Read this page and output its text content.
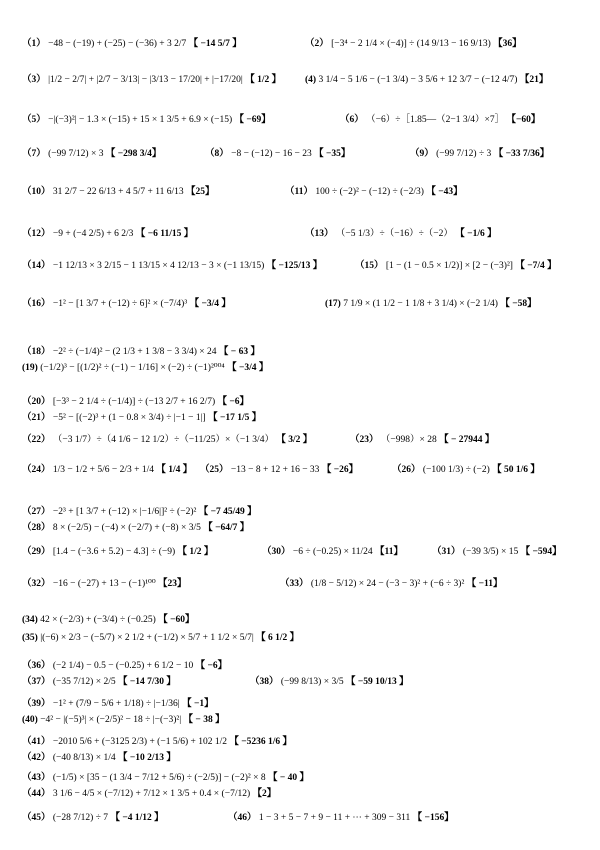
（1） −48 − (−19) + (−25) − (−36) + 3 2/7 【 −14 5/7 】	（2） [−3⁴ − 2 1/4 × (−4)] ÷ (14 9/13 − 16 9/13) 【36】
（3） |1/2 − 2/7| + |2/7 − 3/13| − |3/13 − 17/20| + |−17/20| 【 1/2 】	(4) 3 1/4 − 5 1/6 − (−1 3/4) − 3 5/6 + 12 3/7 − (−12 4/7) 【21】
（5） −|(−3)²| − 1.3 × (−15) + 15 × 1 3/5 + 6.9 × (−15) 【 −69】	（6） （−6）÷［1.85—（2−1 3/4）×7］ 【−60】
（7） (−99 7/12) × 3 【 −298 3/4】	（8） −8 − (−12) − 16 − 23 【 −35】	（9） (−99 7/12) ÷ 3 【 −33 7/36】
（10） 31 2/7 − 22 6/13 + 4 5/7 + 11 6/13 【25】	（11） 100 ÷ (−2)² − (−12) ÷ (−2/3) 【 −43】
（12） −9 + (−4 2/5) + 6 2/3 【 −6 11/15 】	（13） （−5 1/3）÷（−16）÷（−2） 【 −1/6 】
（14） −1 12/13 × 3 2/15 − 1 13/15 × 4 12/13 − 3 × (−1 13/15) 【 −125/13 】	（15） [1 − (1 − 0.5 × 1/2)] × [2 − (−3)²] 【 −7/4 】
（16） −1² − [1 3/7 + (−12) ÷ 6]² × (−7/4)³ 【 −3/4 】	(17) 7 1/9 × (1 1/2 − 1 1/8 + 3 1/4) × (−2 1/4) 【 −58】
（18） −2² ÷ (−1/4)² − (2 1/3 + 1 3/8 − 3 3/4) × 24 【 − 63 】
(19) (−1/2)³ − [(1/2)² ÷ (−1) − 1/16] × (−2) ÷ (−1)²⁰⁰⁴ 【 −3/4 】
（20） [−3³ − 2 1/4 ÷ (−1/4)] ÷ (−13 2/7 + 16 2/7) 【 −6】
（21） −5² − [(−2)³ + (1 − 0.8 × 3/4) ÷ |−1 − 1|] 【 −17 1/5 】
（22） （−3 1/7）÷（4 1/6 − 12 1/2）÷（−11/25）×（−1 3/4） 【 3/2 】	（23） （−998）× 28 【 − 27944 】
（24） 1/3 − 1/2 + 5/6 − 2/3 + 1/4 【 1/4 】 （25） −13 − 8 + 12 + 16 − 33 【 −26】	（26） (−100 1/3) ÷ (−2) 【 50 1/6 】
（27） −2³ + [1 3/7 + (−12) × |−1/6|]² ÷ (−2)² 【 −7 45/49 】
（28） 8 × (−2/5) − (−4) × (−2/7) + (−8) × 3/5 【 −64/7 】
（29） [1.4 − (−3.6 + 5.2) − 4.3] ÷ (−9) 【 1/2 】	（30） −6 ÷ (−0.25) × 11/24 【11】	（31） (−39 3/5) × 15 【 −594】
（32） −16 − (−27) + 13 − (−1)¹⁰⁰ 【23】	（33） (1/8 − 5/12) × 24 − (−3 − 3)² + (−6 ÷ 3)² 【 −11】
(34) 42 × (−2/3) + (−3/4) ÷ (−0.25) 【 −60】
(35) |(−6) × 2/3 − (−5/7) × 2 1/2 + (−1/2) × 5/7 + 1 1/2 × 5/7| 【 6 1/2 】
（36） (−2 1/4) − 0.5 − (−0.25) + 6 1/2 − 10 【 −6】
（37） (−35 7/12) × 2/5 【 −14 7/30 】	（38） (−99 8/13) × 3/5 【 −59 10/13 】
（39） −1² + (7/9 − 5/6 + 1/18) ÷ |−1/36| 【 −1】
(40) −4² − |(−5)³| × (−2/5)² − 18 ÷ |−(−3)²| 【 − 38 】
（41） −2010 5/6 + (−3125 2/3) + (−1 5/6) + 102 1/2 【 −5236 1/6 】
（42） (−40 8/13) × 1/4 【 −10 2/13 】
（43） (−1/5) × [35 − (1 3/4 − 7/12 + 5/6) ÷ (−2/5)] − (−2)² × 8 【 − 40 】
（44） 3 1/6 − 4/5 × (−7/12) + 7/12 × 1 3/5 + 0.4 × (−7/12) 【2】
（45） (−28 7/12) ÷ 7 【 −4 1/12 】	（46） 1 − 3 + 5 − 7 + 9 − 11 + ⋯ + 309 − 311 【 −156】
